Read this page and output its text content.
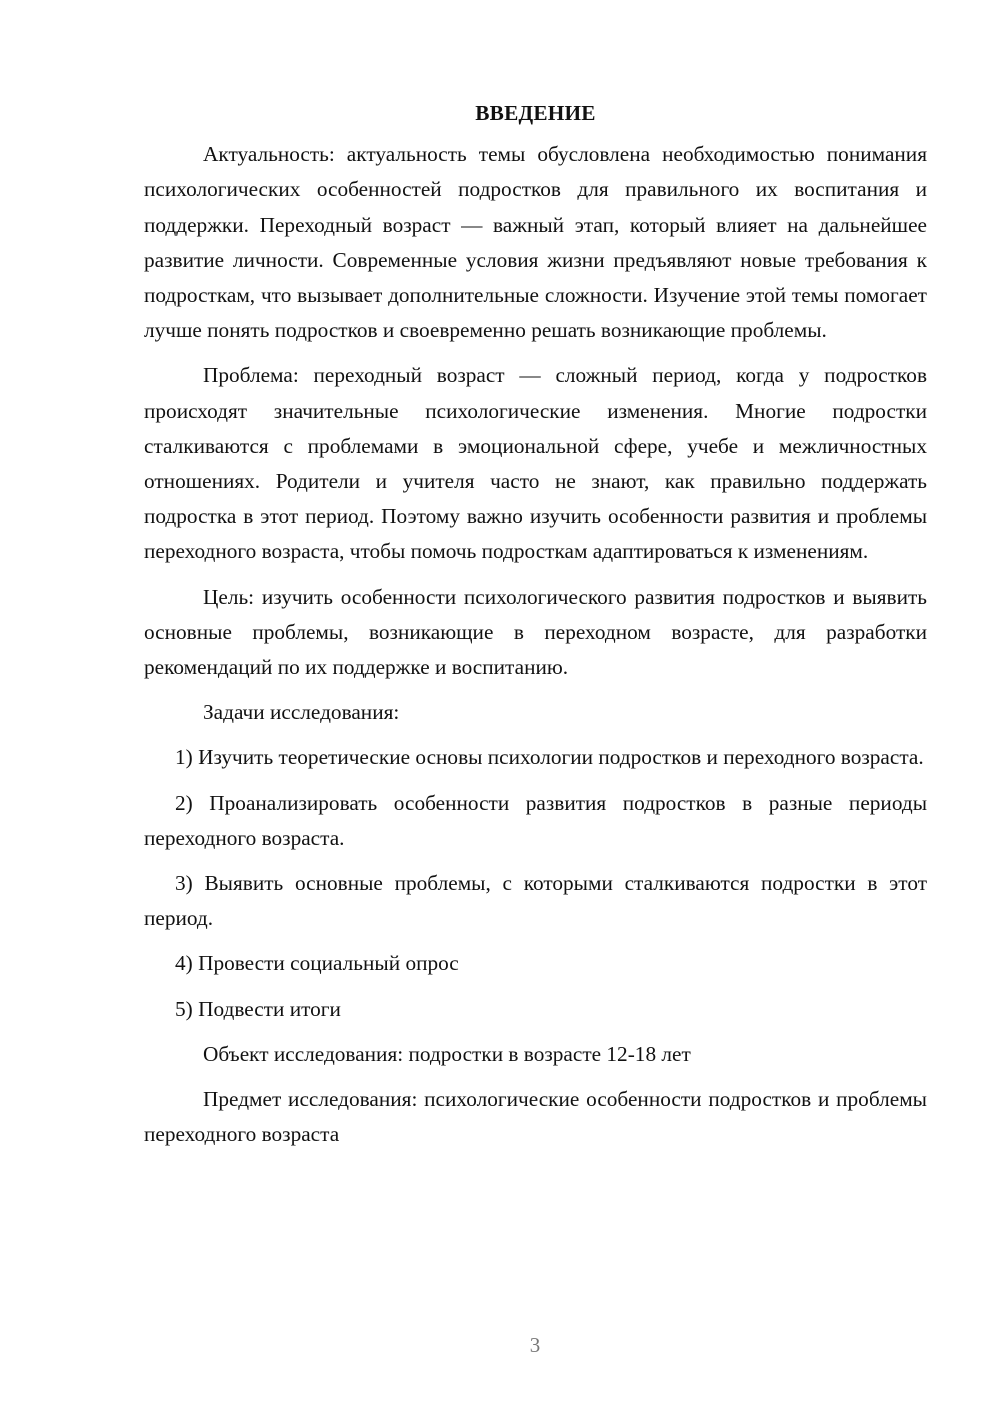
ВВЕДЕНИЕ

Актуальность: актуальность темы обусловлена необходимостью понимания психологических особенностей подростков для правильного их воспитания и поддержки. Переходный возраст — важный этап, который влияет на дальнейшее развитие личности. Современные условия жизни предъявляют новые требования к подросткам, что вызывает дополнительные сложности. Изучение этой темы помогает лучше понять подростков и своевременно решать возникающие проблемы.

Проблема: переходный возраст — сложный период, когда у подростков происходят значительные психологические изменения. Многие подростки сталкиваются с проблемами в эмоциональной сфере, учебе и межличностных отношениях. Родители и учителя часто не знают, как правильно поддержать подростка в этот период. Поэтому важно изучить особенности развития и проблемы переходного возраста, чтобы помочь подросткам адаптироваться к изменениям.

Цель: изучить особенности психологического развития подростков и выявить основные проблемы, возникающие в переходном возрасте, для разработки рекомендаций по их поддержке и воспитанию.

Задачи исследования:

1) Изучить теоретические основы психологии подростков и переходного возраста.

2) Проанализировать особенности развития подростков в разные периоды переходного возраста.

3) Выявить основные проблемы, с которыми сталкиваются подростки в этот период.

4) Провести социальный опрос

5) Подвести итоги

Объект исследования: подростки в возрасте 12-18 лет

Предмет исследования: психологические особенности подростков и проблемы переходного возраста

3
